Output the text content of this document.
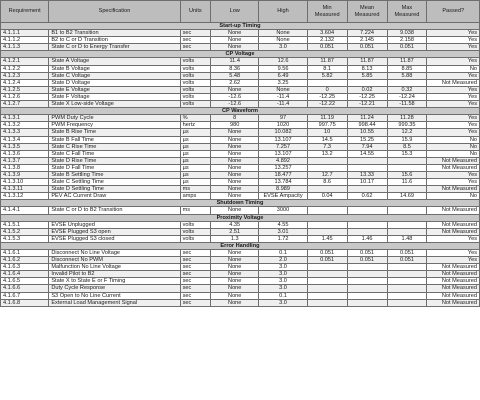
Requirement	Specification	Units	Low	High	Min Measured	Mean Measured	Max Measured	Passed?
Start-up Timing								
4.1.1.1	B1 to B2 Transition	sec	None	None	3.604	7.224	9.038	Yes
4.1.1.2	B2 to C or D Transition	sec	None	None	2.132	2.145	2.158	Yes
4.1.1.3	State C or D to Energy Transfer	sec	None	3.0	0.051	0.051	0.051	Yes
CP Voltage								
4.1.2.1	State A Voltage	volts	11.4	12.6	11.87	11.87	11.87	Yes
4.1.2.2	State B Voltage	volts	8.36	9.56	8.1	8.13	8.85	No
4.1.2.3	State C Voltage	volts	5.48	6.49	5.82	5.85	5.88	Yes
4.1.2.4	State D Voltage	volts	2.62	3.25				Not Measured
4.1.2.5	State E Voltage	volts	None	None	0	0.02	0.32	Yes
4.1.2.6	State F Voltage	volts	-12.6	-11.4	-12.25	-12.25	-12.24	Yes
4.1.2.7	State X Low-side Voltage	volts	-12.6	-11.4	-12.22	-12.21	-11.58	Yes
CP Waveform								
4.1.3.1	PWM Duty Cycle	%	8	97	11.19	11.24	11.28	Yes
4.1.3.2	PWM Frequency	hertz	980	1020	997.75	998.44	999.35	Yes
4.1.3.3	State B Rise Time	µs	None	10.082	10	10.55	12.2	Yes
4.1.3.4	State B Fall Time	µs	None	13.107	14.5	15.25	15.9	No
4.1.3.5	State C Rise Time	µs	None	7.257	7.3	7.94	8.5	No
4.1.3.6	State C Fall Time	µs	None	13.107	13.2	14.55	15.3	No
4.1.3.7	State D Rise Time	µs	None	4.892				Not Measured
4.1.3.8	State D Fall Time	µs	None	13.257				Not Measured
4.1.3.9	State B Settling Time	µs	None	18.477	12.7	13.33	15.6	Yes
4.1.3.10	State C Settling Time	µs	None	13.784	8.6	10.17	11.6	Yes
4.1.3.11	State D Settling Time	ms	None	8.989				Not Measured
4.1.3.12	PEV AC Current Draw	amps	None	EVSE Ampacity	0.04	0.62	14.69	No
Shutdown Timing								
4.1.4.1	State C or D to B2 Transition	ms	None	3000				Not Measured
Proximity Voltage								
4.1.5.1	EVSE Unplugged	volts	4.35	4.55				Not Measured
4.1.5.2	EVSE Plugged S3 open	volts	2.51	3.01				Not Measured
4.1.5.3	EVSE Plugged S3 closed	volts	1.3	1.72	1.45	1.46	1.48	Yes
Error Handling								
4.1.6.1	Disconnect No Line Voltage	sec	None	0.1	0.051	0.051	0.051	Yes
4.1.6.2	Disconnect No PWM	sec	None	2.0	0.051	0.051	0.051	Yes
4.1.6.3	Malfunction No Line Voltage	sec	None	3.0				Not Measured
4.1.6.4	Invalid Pilot to B2	sec	None	3.0				Not Measured
4.1.6.5	State X to State E or F Timing	sec	None	3.0				Not Measured
4.1.6.6	Duty Cycle Response	sec	None	3.0				Not Measured
4.1.6.7	S3 Open to No Line Current	sec	None	0.1				Not Measured
4.1.6.8	External Load Management Signal	sec	None	3.0				Not Measured
